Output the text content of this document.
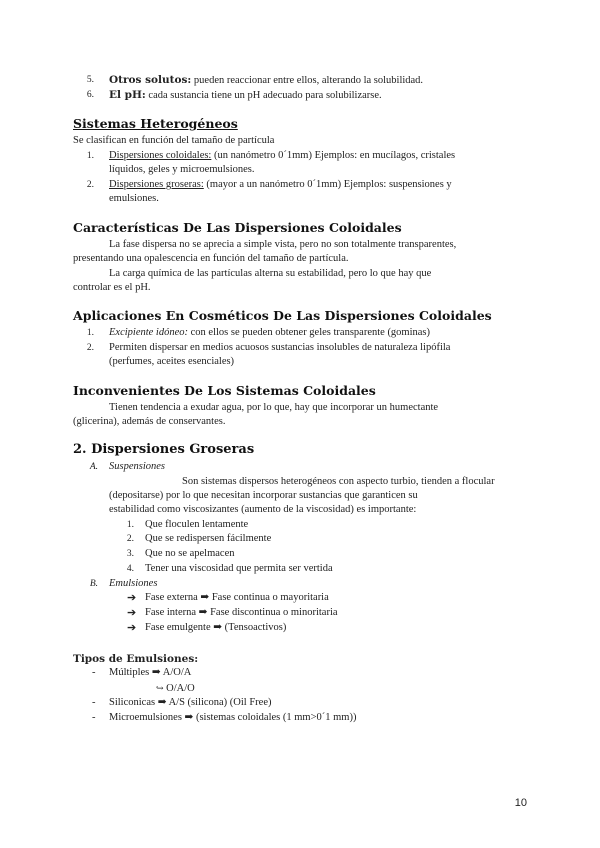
5. Otros solutos: pueden reaccionar entre ellos, alterando la solubilidad.
6. El pH: cada sustancia tiene un pH adecuado para solubilizarse.
Sistemas Heterogéneos
Se clasifican en función del tamaño de partícula
1. Dispersiones coloidales: (un nanómetro 0´1mm) Ejemplos: en mucílagos, cristales
líquidos, geles y microemulsiones.
2. Dispersiones groseras: (mayor a un nanómetro 0´1mm) Ejemplos: suspensiones y
emulsiones.
Características De Las Dispersiones Coloidales
La fase dispersa no se aprecia a simple vista, pero no son totalmente transparentes,
presentando una opalescencia en función del tamaño de partícula.
La carga química de las partículas alterna su estabilidad, pero lo que hay que
controlar es el pH.
Aplicaciones En Cosméticos De Las Dispersiones Coloidales
1. Excipiente idóneo: con ellos se pueden obtener geles transparente (gominas)
2. Permiten dispersar en medios acuosos sustancias insolubles de naturaleza lipófila
(perfumes, aceites esenciales)
Inconvenientes De Los Sistemas Coloidales
Tienen tendencia a exudar agua, por lo que, hay que incorporar un humectante
(glicerina), además de conservantes.
2. Dispersiones Groseras
A. Suspensiones
Son sistemas dispersos heterogéneos con aspecto turbio, tienden a flocular
(depositarse) por lo que necesitan incorporar sustancias que garanticen su
estabilidad como viscosizantes (aumento de la viscosidad) es importante:
1. Que floculen lentamente
2. Que se redispersen fácilmente
3. Que no se apelmacen
4. Tener una viscosidad que permita ser vertida
B. Emulsiones
➔ Fase externa ➡ Fase continua o mayoritaria
➔ Fase interna ➡ Fase discontinua o minoritaria
➔ Fase emulgente ➡ (Tensoactivos)
Tipos de Emulsiones:
- Múltiples ➡ A/O/A
↪ O/A/O
- Siliconicas ➡ A/S (silicona) (Oil Free)
- Microemulsiones ➡ (sistemas coloidales (1 mm>0´1 mm))
10
